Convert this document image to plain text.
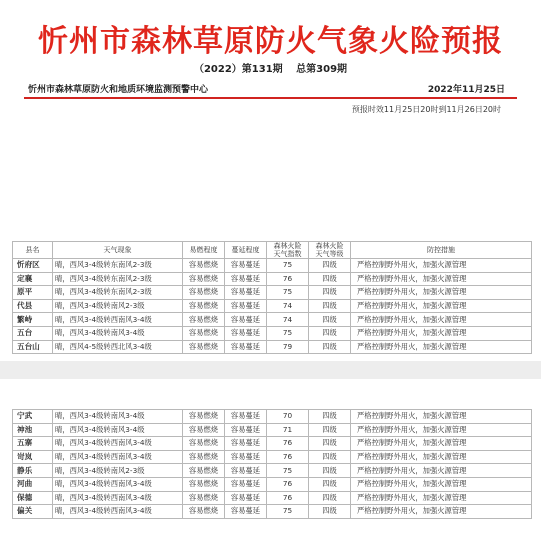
忻州市森林草原防火气象火险预报
（2022）第131期 总第309期
忻州市森林草原防火和地质环境监测预警中心	2022年11月25日
预报时效11月25日20时到11月26日20时
县名	天气现象	易燃程度	蔓延程度	森林火险 天气指数	森林火险 天气等级	防控措施
忻府区	晴，西风3-4级转东南风2-3级	容易燃烧	容易蔓延	75	四级	严格控制野外用火，加强火源管理
定襄	晴，西风3-4级转东南风2-3级	容易燃烧	容易蔓延	76	四级	严格控制野外用火，加强火源管理
原平	晴，西风3-4级转东南风2-3级	容易燃烧	容易蔓延	75	四级	严格控制野外用火，加强火源管理
代县	晴，西风3-4级转南风2-3级	容易燃烧	容易蔓延	74	四级	严格控制野外用火，加强火源管理
繁峙	晴，西风3-4级转西南风3-4级	容易燃烧	容易蔓延	74	四级	严格控制野外用火，加强火源管理
五台	晴，西风3-4级转南风3-4级	容易燃烧	容易蔓延	75	四级	严格控制野外用火，加强火源管理
五台山	晴，西风4-5级转西北风3-4级	容易燃烧	容易蔓延	79	四级	严格控制野外用火，加强火源管理
宁武	晴，西风3-4级转南风3-4级	容易燃烧	容易蔓延	70	四级	严格控制野外用火，加强火源管理
神池	晴，西风3-4级转南风3-4级	容易燃烧	容易蔓延	71	四级	严格控制野外用火，加强火源管理
五寨	晴，西风3-4级转西南风3-4级	容易燃烧	容易蔓延	76	四级	严格控制野外用火，加强火源管理
岢岚	晴，西风3-4级转西南风3-4级	容易燃烧	容易蔓延	76	四级	严格控制野外用火，加强火源管理
静乐	晴，西风3-4级转南风2-3级	容易燃烧	容易蔓延	75	四级	严格控制野外用火，加强火源管理
河曲	晴，西风3-4级转西南风3-4级	容易燃烧	容易蔓延	76	四级	严格控制野外用火，加强火源管理
保德	晴，西风3-4级转西南风3-4级	容易燃烧	容易蔓延	76	四级	严格控制野外用火，加强火源管理
偏关	晴，西风3-4级转西南风3-4级	容易燃烧	容易蔓延	75	四级	严格控制野外用火，加强火源管理
